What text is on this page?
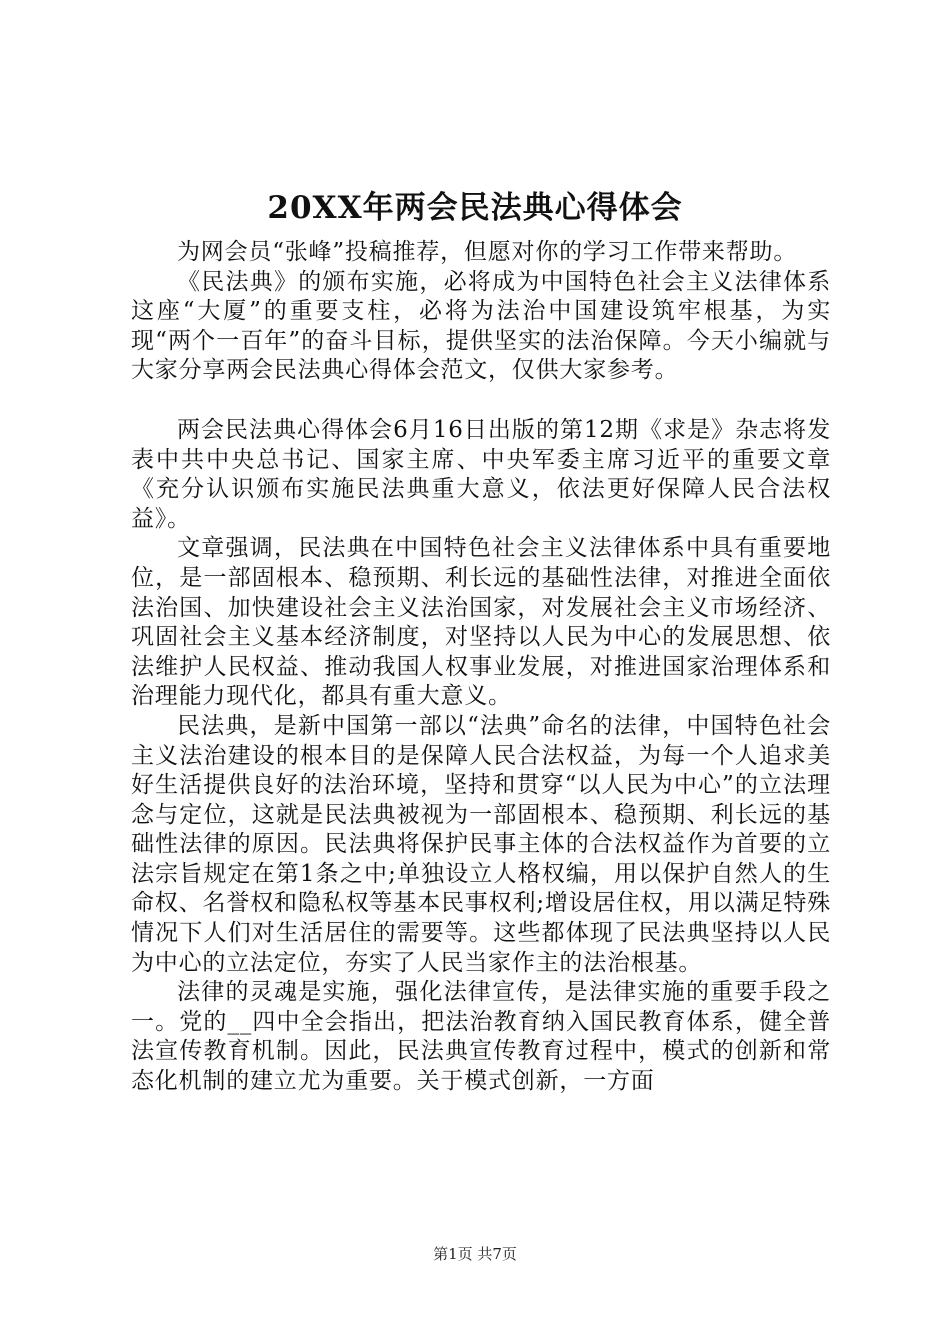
20XX年两会民法典心得体会

为网会员“张峰”投稿推荐，但愿对你的学习工作带来帮助。

《民法典》的颁布实施，必将成为中国特色社会主义法律体系这座“大厦”的重要支柱，必将为法治中国建设筑牢根基，为实现“两个一百年”的奋斗目标，提供坚实的法治保障。今天小编就与大家分享两会民法典心得体会范文，仅供大家参考。

两会民法典心得体会6月16日出版的第12期《求是》杂志将发表中共中央总书记、国家主席、中央军委主席习近平的重要文章《充分认识颁布实施民法典重大意义，依法更好保障人民合法权益》。

文章强调，民法典在中国特色社会主义法律体系中具有重要地位，是一部固根本、稳预期、利长远的基础性法律，对推进全面依法治国、加快建设社会主义法治国家，对发展社会主义市场经济、巩固社会主义基本经济制度，对坚持以人民为中心的发展思想、依法维护人民权益、推动我国人权事业发展，对推进国家治理体系和治理能力现代化，都具有重大意义。

民法典，是新中国第一部以“法典”命名的法律，中国特色社会主义法治建设的根本目的是保障人民合法权益，为每一个人追求美好生活提供良好的法治环境，坚持和贯穿“以人民为中心”的立法理念与定位，这就是民法典被视为一部固根本、稳预期、利长远的基础性法律的原因。民法典将保护民事主体的合法权益作为首要的立法宗旨规定在第1条之中;单独设立人格权编，用以保护自然人的生命权、名誉权和隐私权等基本民事权利;增设居住权，用以满足特殊情况下人们对生活居住的需要等。这些都体现了民法典坚持以人民为中心的立法定位，夯实了人民当家作主的法治根基。

法律的灵魂是实施，强化法律宣传，是法律实施的重要手段之一。党的__四中全会指出，把法治教育纳入国民教育体系，健全普法宣传教育机制。因此，民法典宣传教育过程中，模式的创新和常态化机制的建立尤为重要。关于模式创新，一方面

第1页 共7页
